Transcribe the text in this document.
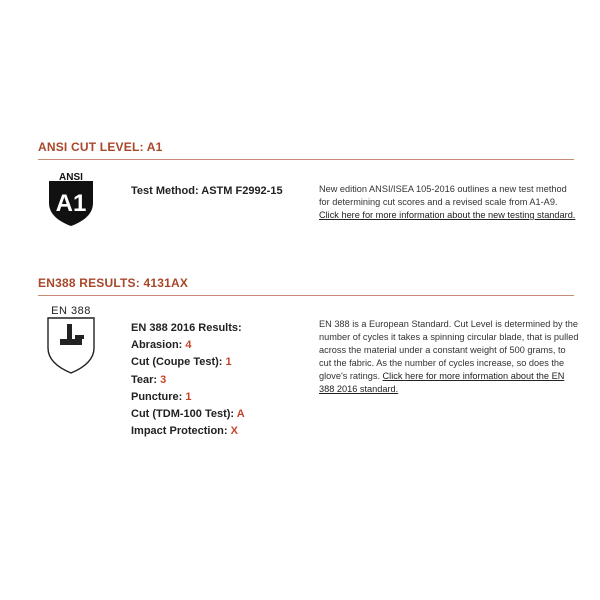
ANSI CUT LEVEL: A1
ANSI
A1	Test Method: ASTM F2992-15	New edition ANSI/ISEA 105-2016 outlines a new test method for determining cut scores and a revised scale from A1-A9. Click here for more information about the new testing standard.
EN388 RESULTS: 4131AX
EN 388
EN 388 2016 Results:
Abrasion: 4
Cut (Coupe Test): 1
Tear: 3
Puncture: 1
Cut (TDM-100 Test): A
Impact Protection: X
EN 388 is a European Standard. Cut Level is determined by the number of cycles it takes a spinning circular blade, that is pulled across the material under a constant weight of 500 grams, to cut the fabric. As the number of cycles increase, so does the glove's ratings. Click here for more information about the EN 388 2016 standard.
